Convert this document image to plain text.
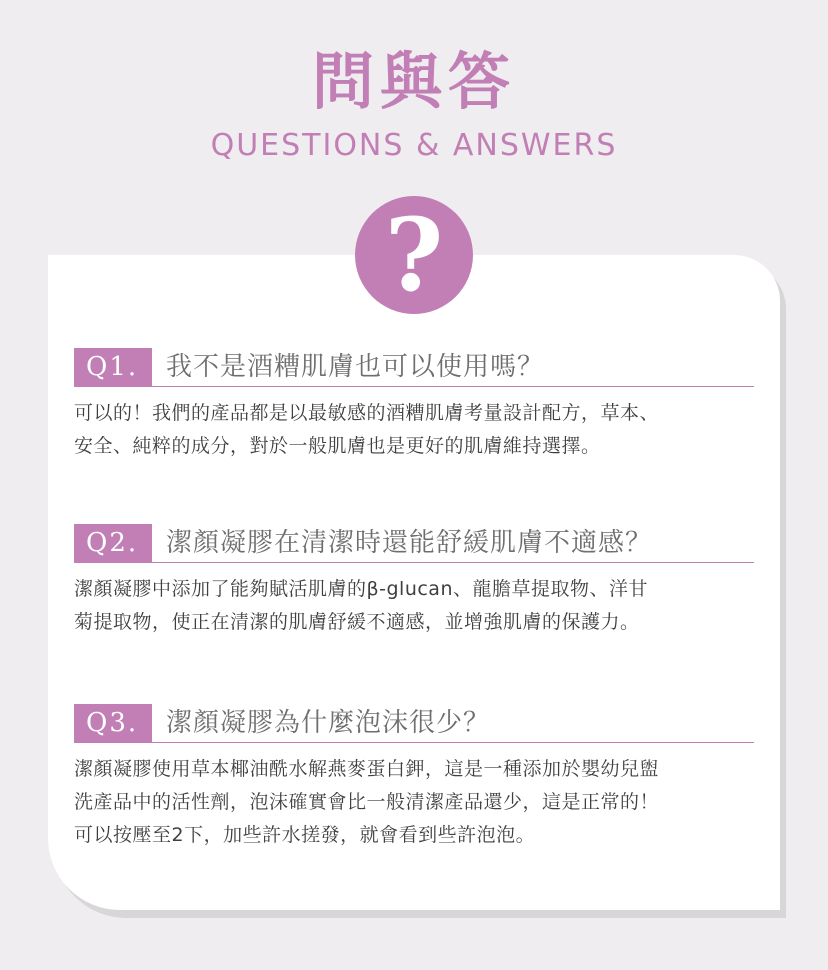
問與答
QUESTIONS & ANSWERS
?
Q1.	我不是酒糟肌膚也可以使用嗎？
可以的！我們的產品都是以最敏感的酒糟肌膚考量設計配方，草本、
安全、純粹的成分，對於一般肌膚也是更好的肌膚維持選擇。
Q2.	潔顏凝膠在清潔時還能舒緩肌膚不適感？
潔顏凝膠中添加了能夠賦活肌膚的β-glucan、龍膽草提取物、洋甘
菊提取物，使正在清潔的肌膚舒緩不適感，並增強肌膚的保護力。
Q3.	潔顏凝膠為什麼泡沫很少？
潔顏凝膠使用草本椰油酰水解燕麥蛋白鉀，這是一種添加於嬰幼兒盥
洗產品中的活性劑，泡沫確實會比一般清潔產品還少，這是正常的！
可以按壓至2下，加些許水搓發，就會看到些許泡泡。
